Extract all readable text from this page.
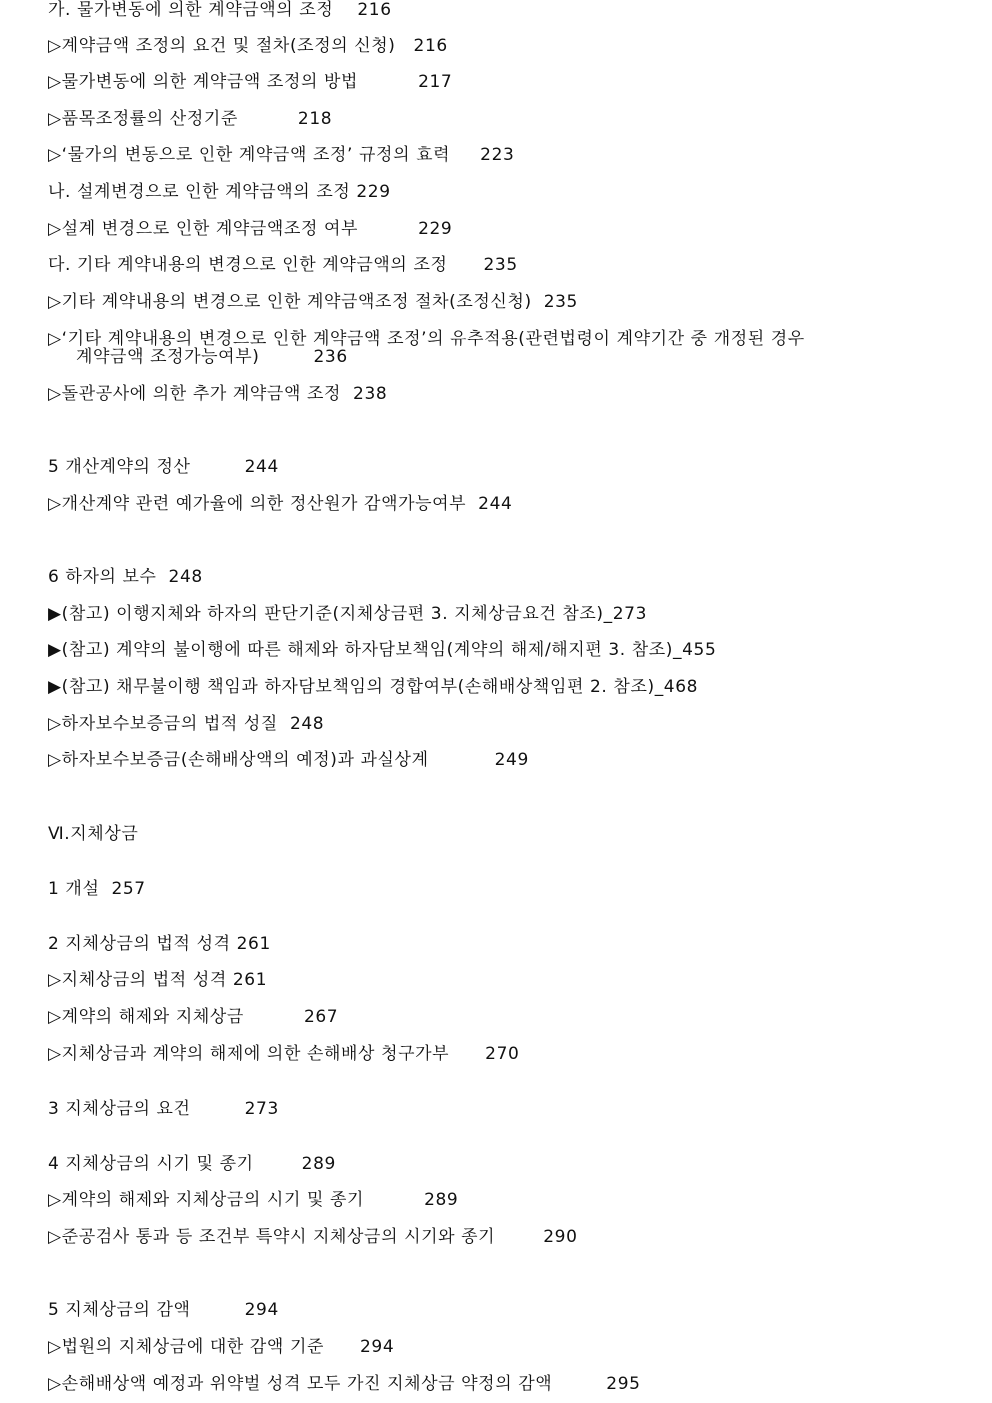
가. 물가변동에 의한 계약금액의 조정    216
▷계약금액 조정의 요건 및 절차(조정의 신청)   216
▷물가변동에 의한 계약금액 조정의 방법          217
▷품목조정률의 산정기준          218
▷‘물가의 변동으로 인한 계약금액 조정’ 규정의 효력     223
나. 설계변경으로 인한 계약금액의 조정 229
▷설계 변경으로 인한 계약금액조정 여부          229
다. 기타 계약내용의 변경으로 인한 계약금액의 조정      235
▷기타 계약내용의 변경으로 인한 계약금액조정 절차(조정신청)  235
▷‘기타 계약내용의 변경으로 인한 계약금액 조정’의 유추적용(관련법령이 계약기간 중 개정된 경우
계약금액 조정가능여부)         236
▷돌관공사에 의한 추가 계약금액 조정  238
5 개산계약의 정산         244
▷개산계약 관련 예가율에 의한 정산원가 감액가능여부  244
6 하자의 보수  248
▶(참고) 이행지체와 하자의 판단기준(지체상금편 3. 지체상금요건 참조)_273
▶(참고) 계약의 불이행에 따른 해제와 하자담보책임(계약의 해제/해지편 3. 참조)_455
▶(참고) 채무불이행 책임과 하자담보책임의 경합여부(손해배상책임편 2. 참조)_468
▷하자보수보증금의 법적 성질  248
▷하자보수보증금(손해배상액의 예정)과 과실상계           249
Ⅵ.지체상금
1 개설  257
2 지체상금의 법적 성격 261
▷지체상금의 법적 성격 261
▷계약의 해제와 지체상금          267
▷지체상금과 계약의 해제에 의한 손해배상 청구가부      270
3 지체상금의 요건         273
4 지체상금의 시기 및 종기        289
▷계약의 해제와 지체상금의 시기 및 종기          289
▷준공검사 통과 등 조건부 특약시 지체상금의 시기와 종기        290
5 지체상금의 감액         294
▷법원의 지체상금에 대한 감액 기준      294
▷손해배상액 예정과 위약벌 성격 모두 가진 지체상금 약정의 감액         295
